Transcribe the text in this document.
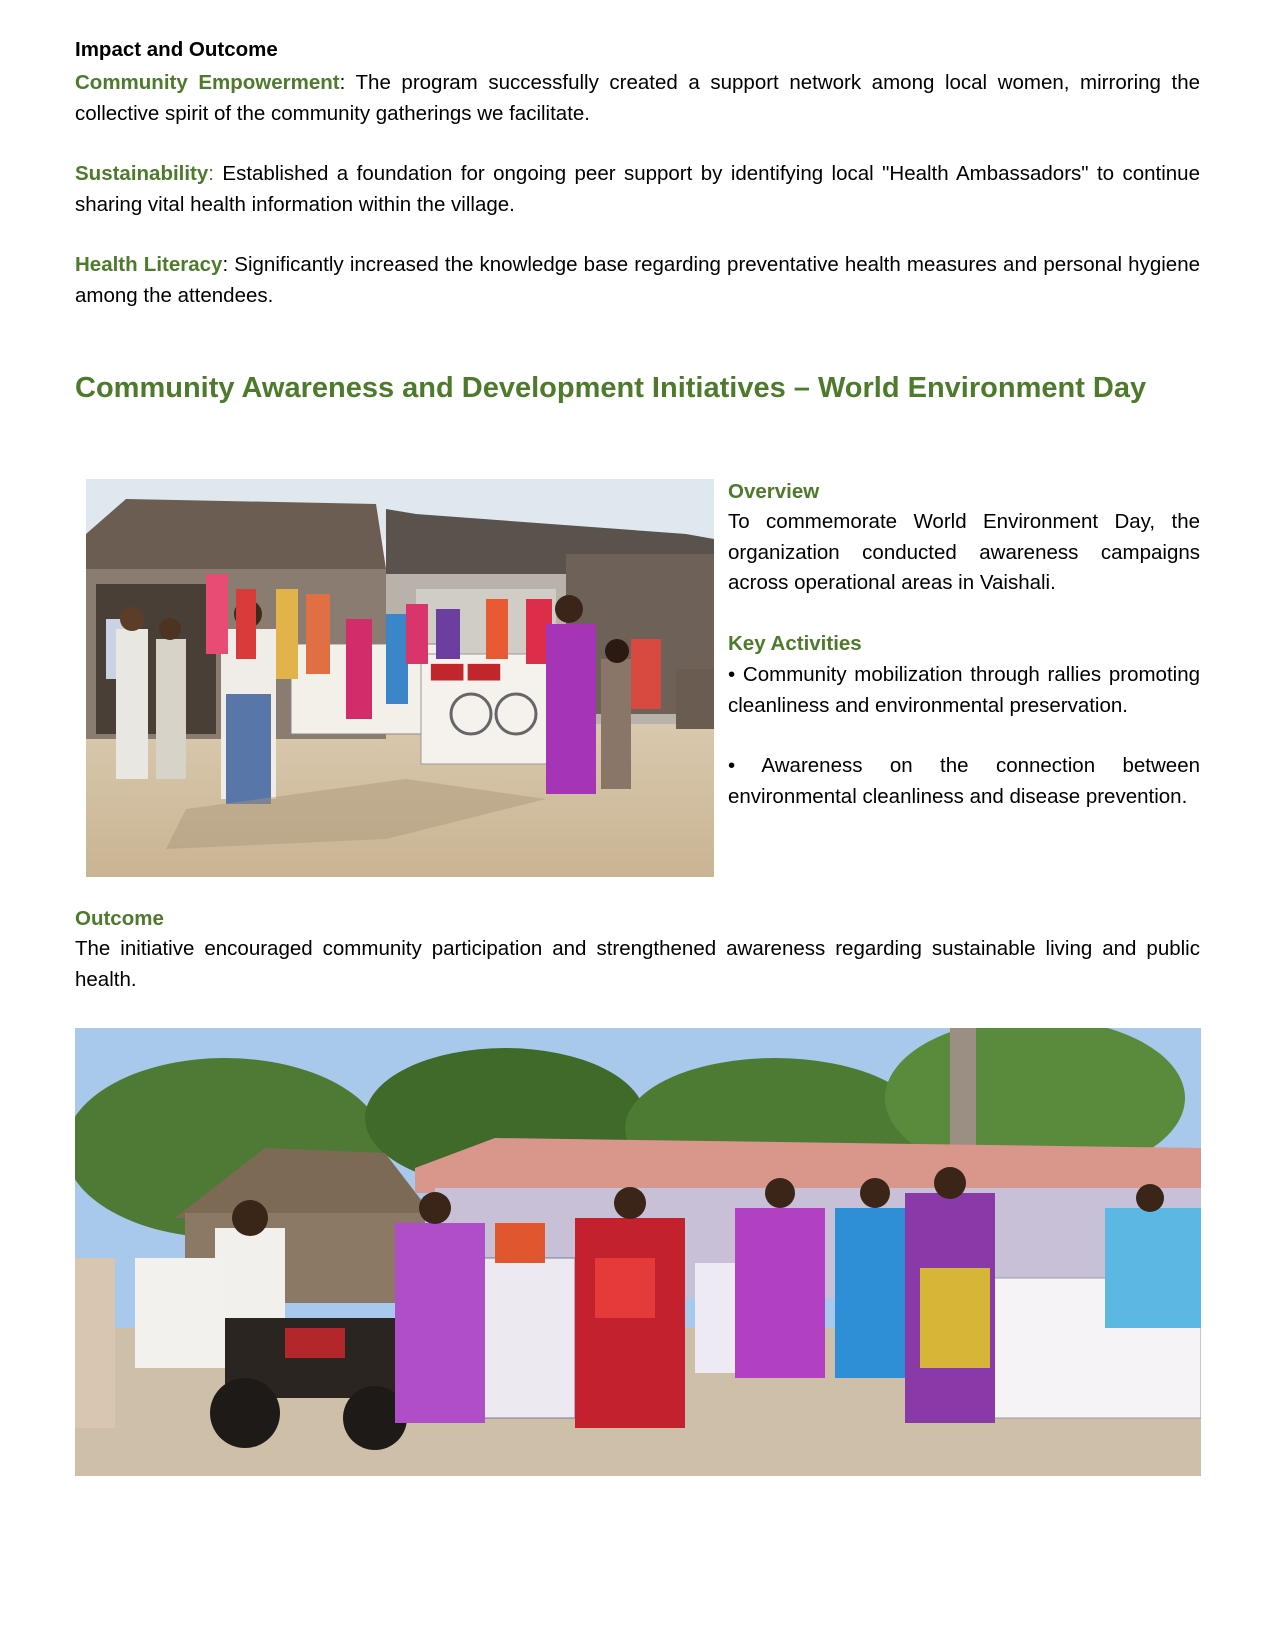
Impact and Outcome
Community Empowerment: The program successfully created a support network among local women, mirroring the collective spirit of the community gatherings we facilitate.
Sustainability: Established a foundation for ongoing peer support by identifying local "Health Ambassadors" to continue sharing vital health information within the village.
Health Literacy: Significantly increased the knowledge base regarding preventative health measures and personal hygiene among the attendees.
Community Awareness and Development Initiatives – World Environment Day
███ ███
Overview
To commemorate World Environment Day, the organization conducted awareness campaigns across operational areas in Vaishali.
Key Activities
• Community mobilization through rallies promoting cleanliness and environmental preservation.
• Awareness on the connection between environmental cleanliness and disease prevention.
Outcome
The initiative encouraged community participation and strengthened awareness regarding sustainable living and public health.
